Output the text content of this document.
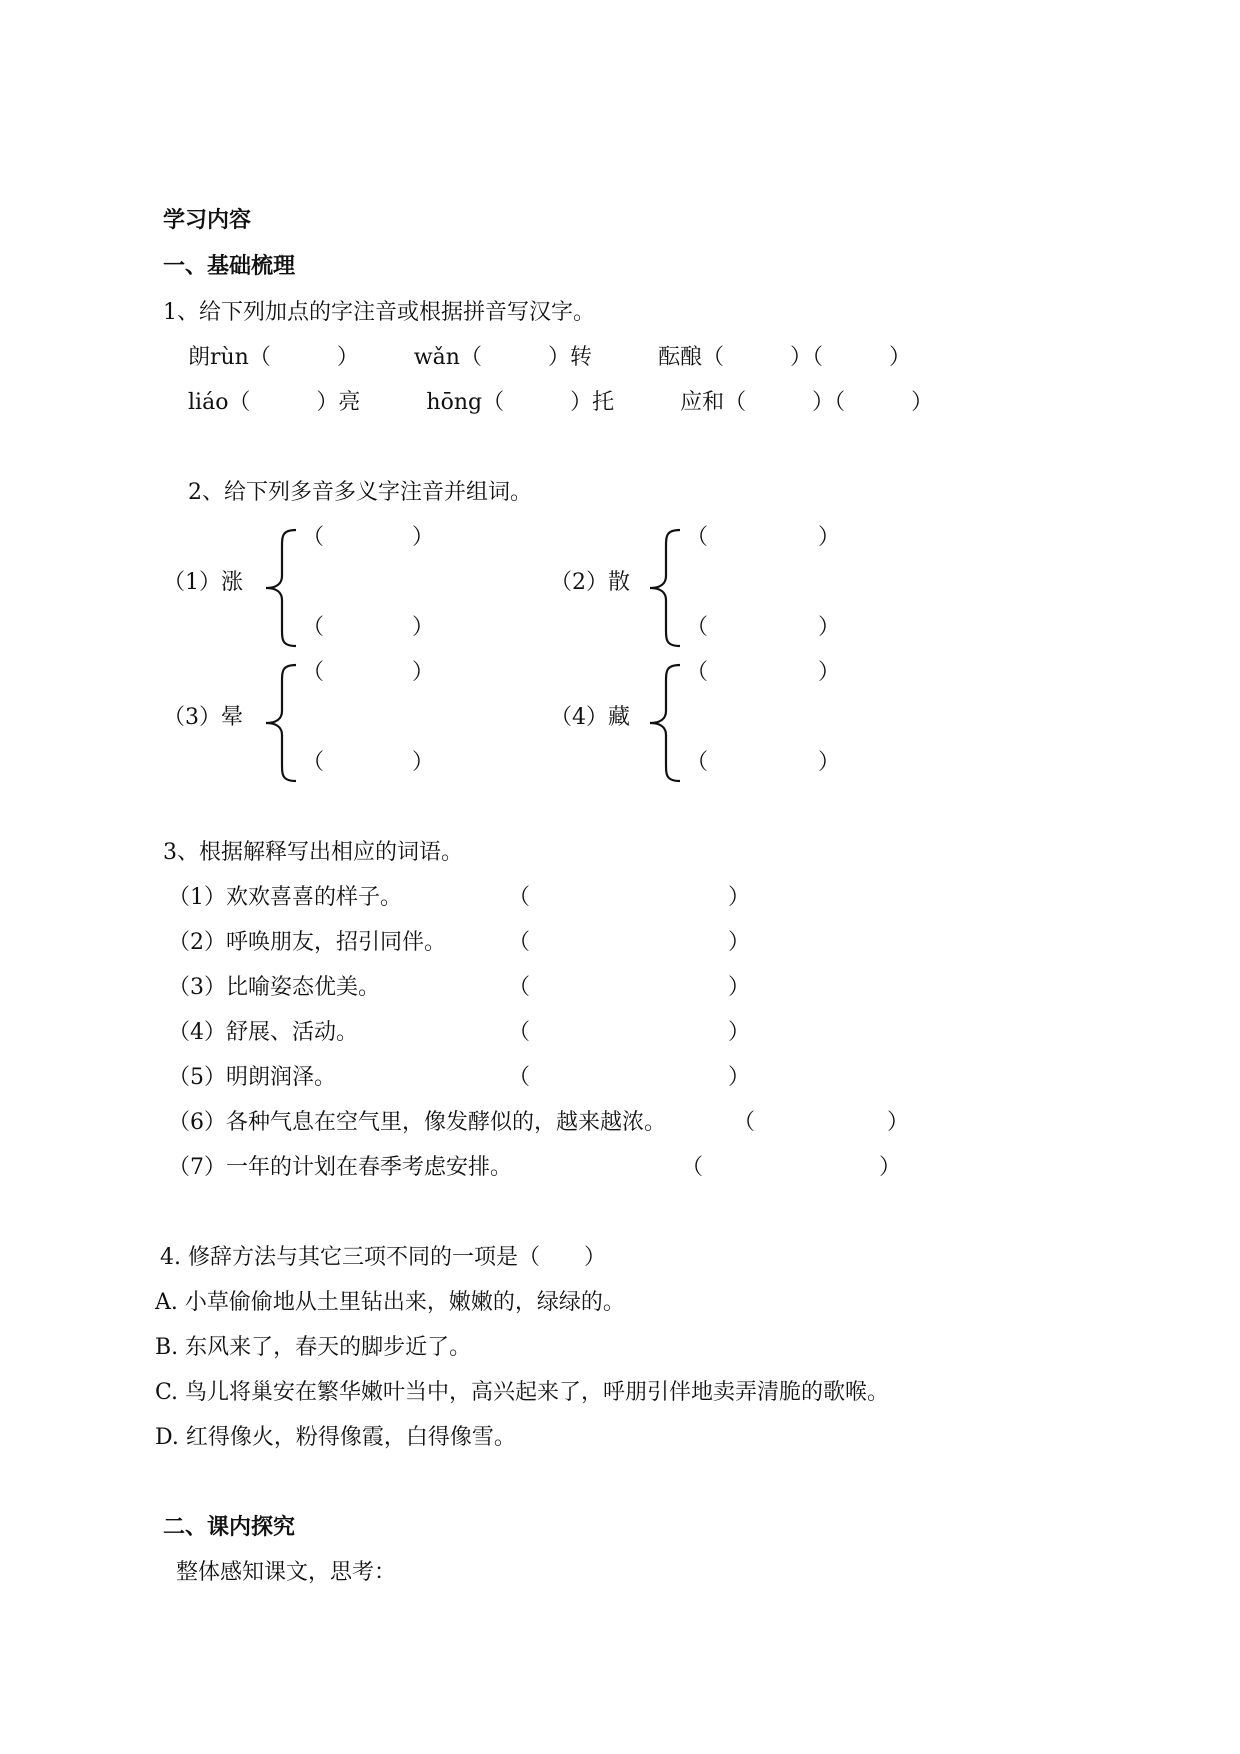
学习内容
一、基础梳理
1、给下列加点的字注音或根据拼音写汉字。
朗rùn（　　　）　　　wǎn（　　　）转　　　酝酿（　　　）（　　　）
liáo（　　　）亮　　　hōng（　　　）托　　　应和（　　　）（　　　）
2、给下列多音多义字注音并组词。
（1）涨
（　　　　）
（　　　　）
（2）散
（　　　　　）
（　　　　　）
（3）晕
（　　　　）
（　　　　）
（4）藏
（　　　　　）
（　　　　　）
3、根据解释写出相应的词语。
（1）欢欢喜喜的样子。	（　　　　　　　　　）
（2）呼唤朋友，招引同伴。	（　　　　　　　　　）
（3）比喻姿态优美。	（　　　　　　　　　）
（4）舒展、活动。	（　　　　　　　　　）
（5）明朗润泽。	（　　　　　　　　　）
（6）各种气息在空气里，像发酵似的，越来越浓。	（　　　　　　）
（7）一年的计划在春季考虑安排。	（　　　　　　　　）
4. 修辞方法与其它三项不同的一项是（　　）
A. 小草偷偷地从土里钻出来，嫩嫩的，绿绿的。
B. 东风来了，春天的脚步近了。
C. 鸟儿将巢安在繁华嫩叶当中，高兴起来了，呼朋引伴地卖弄清脆的歌喉。
D. 红得像火，粉得像霞，白得像雪。
二、课内探究
整体感知课文，思考：
